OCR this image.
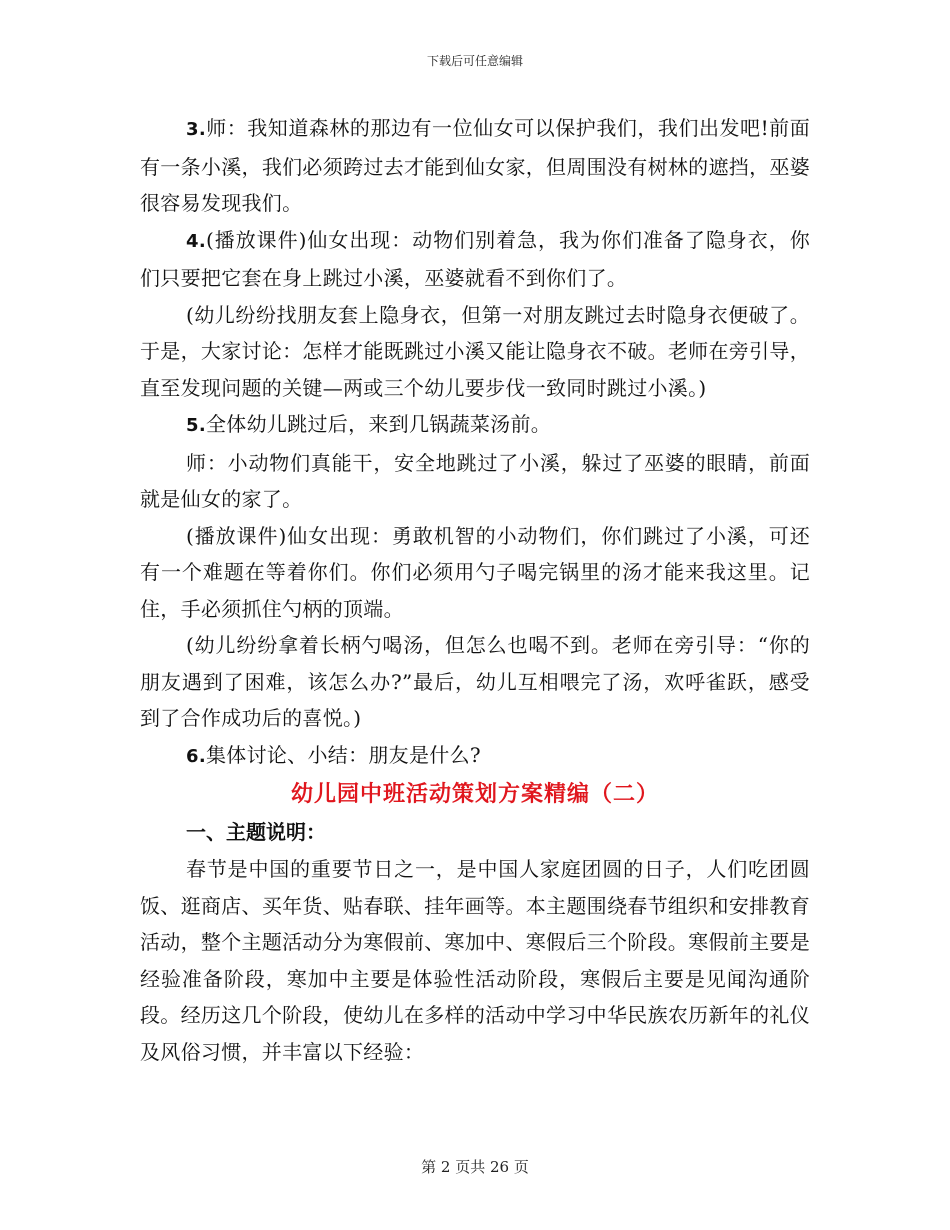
下载后可任意编辑

3.师：我知道森林的那边有一位仙女可以保护我们，我们出发吧!前面有一条小溪，我们必须跨过去才能到仙女家，但周围没有树林的遮挡，巫婆很容易发现我们。

4.(播放课件)仙女出现：动物们别着急，我为你们准备了隐身衣，你们只要把它套在身上跳过小溪，巫婆就看不到你们了。

(幼儿纷纷找朋友套上隐身衣，但第一对朋友跳过去时隐身衣便破了。于是，大家讨论：怎样才能既跳过小溪又能让隐身衣不破。老师在旁引导，直至发现问题的关键—两或三个幼儿要步伐一致同时跳过小溪。)

5.全体幼儿跳过后，来到几锅蔬菜汤前。

师：小动物们真能干，安全地跳过了小溪，躲过了巫婆的眼睛，前面就是仙女的家了。

(播放课件)仙女出现：勇敢机智的小动物们，你们跳过了小溪，可还有一个难题在等着你们。你们必须用勺子喝完锅里的汤才能来我这里。记住，手必须抓住勺柄的顶端。

(幼儿纷纷拿着长柄勺喝汤，但怎么也喝不到。老师在旁引导：“你的朋友遇到了困难，该怎么办?”最后，幼儿互相喂完了汤，欢呼雀跃，感受到了合作成功后的喜悦。)

6.集体讨论、小结：朋友是什么?

幼儿园中班活动策划方案精编（二）
一、主题说明：

春节是中国的重要节日之一，是中国人家庭团圆的日子，人们吃团圆饭、逛商店、买年货、贴春联、挂年画等。本主题围绕春节组织和安排教育活动，整个主题活动分为寒假前、寒加中、寒假后三个阶段。寒假前主要是经验准备阶段，寒加中主要是体验性活动阶段，寒假后主要是见闻沟通阶段。经历这几个阶段，使幼儿在多样的活动中学习中华民族农历新年的礼仪及风俗习惯，并丰富以下经验：

第 2 页共 26 页
